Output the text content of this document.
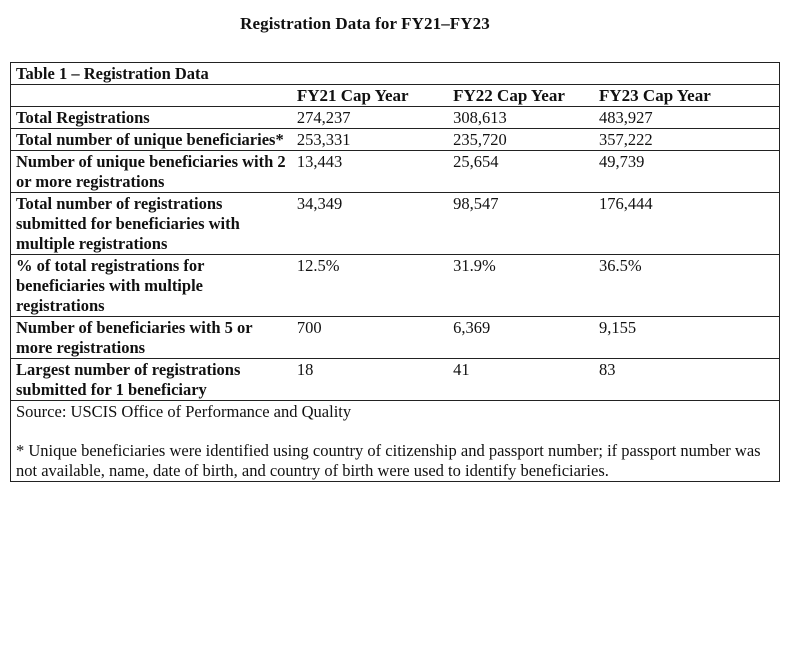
Registration Data for FY21–FY23
Table 1 – Registration Data			
	FY21 Cap Year	FY22 Cap Year	FY23 Cap Year
Total Registrations	274,237	308,613	483,927
Total number of unique beneficiaries*	253,331	235,720	357,222
Number of unique beneficiaries with 2 or more registrations	13,443	25,654	49,739
Total number of registrations submitted for beneficiaries with multiple registrations	34,349	98,547	176,444
% of total registrations for beneficiaries with multiple registrations	12.5%	31.9%	36.5%
Number of beneficiaries with 5 or more registrations	700	6,369	9,155
Largest number of registrations submitted for 1 beneficiary	18	41	83

Source: USCIS Office of Performance and Quality
* Unique beneficiaries were identified using country of citizenship and passport number; if passport number was not available, name, date of birth, and country of birth were used to identify beneficiaries.			
